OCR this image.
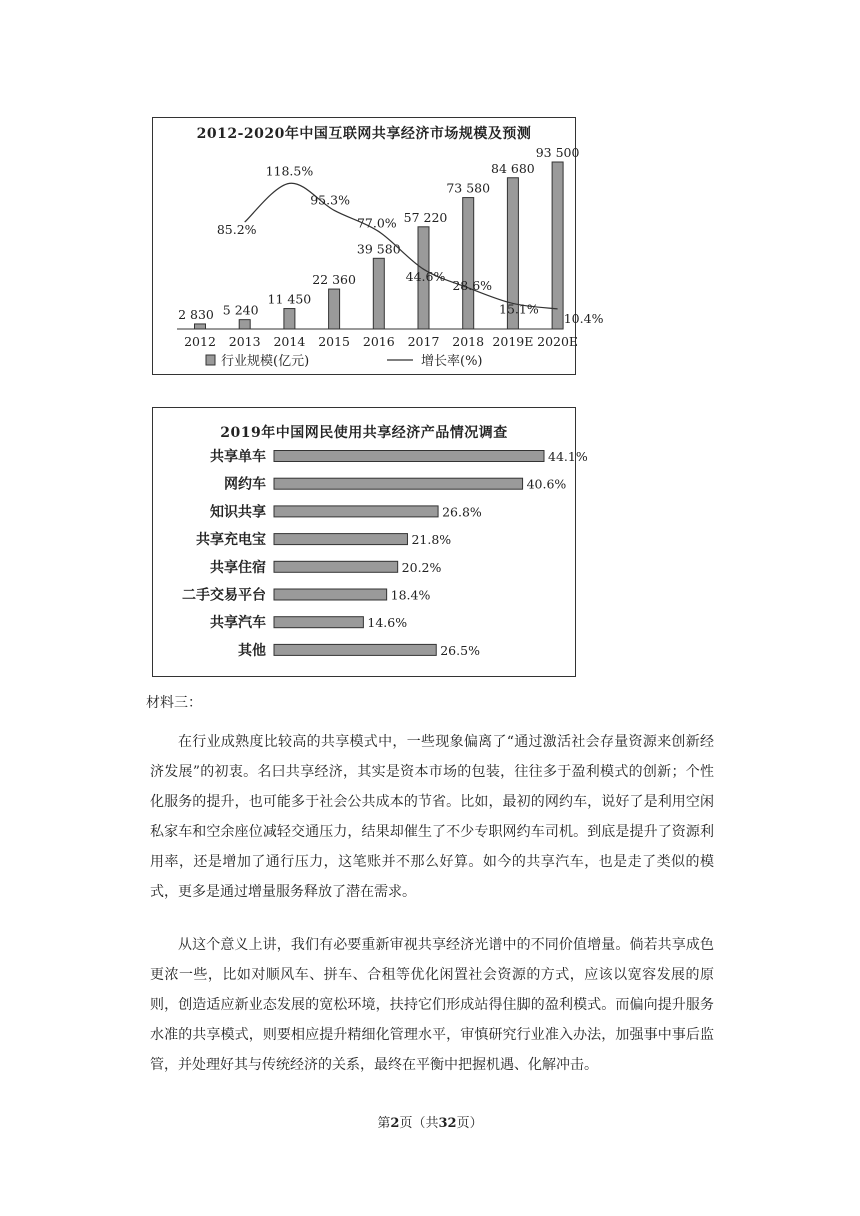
2012-2020年中国互联网共享经济市场规模及预测
2 830
2012
5 240
2013
11 450
2014
22 360
2015
39 580
2016
57 220
2017
73 580
2018
84 680
2019E
93 500
2020E
85.2%
118.5%
95.3%
77.0%
44.6%
28.6%
15.1%
10.4%
行业规模(亿元)	增长率(%)
2019年中国网民使用共享经济产品情况调查
共享单车	44.1%
网约车	40.6%
知识共享	26.8%
共享充电宝	21.8%
共享住宿	20.2%
二手交易平台	18.4%
共享汽车	14.6%
其他	26.5%
材料三：

在行业成熟度比较高的共享模式中，一些现象偏离了“通过激活社会存量资源来创新经济发展”的初衷。名曰共享经济，其实是资本市场的包装，往往多于盈利模式的创新；个性化服务的提升，也可能多于社会公共成本的节省。比如，最初的网约车，说好了是利用空闲私家车和空余座位减轻交通压力，结果却催生了不少专职网约车司机。到底是提升了资源利用率，还是增加了通行压力，这笔账并不那么好算。如今的共享汽车，也是走了类似的模式，更多是通过增量服务释放了潜在需求。

从这个意义上讲，我们有必要重新审视共享经济光谱中的不同价值增量。倘若共享成色更浓一些，比如对顺风车、拼车、合租等优化闲置社会资源的方式，应该以宽容发展的原则，创造适应新业态发展的宽松环境，扶持它们形成站得住脚的盈利模式。而偏向提升服务水准的共享模式，则要相应提升精细化管理水平，审慎研究行业准入办法，加强事中事后监管，并处理好其与传统经济的关系，最终在平衡中把握机遇、化解冲击。

第2页（共32页）
